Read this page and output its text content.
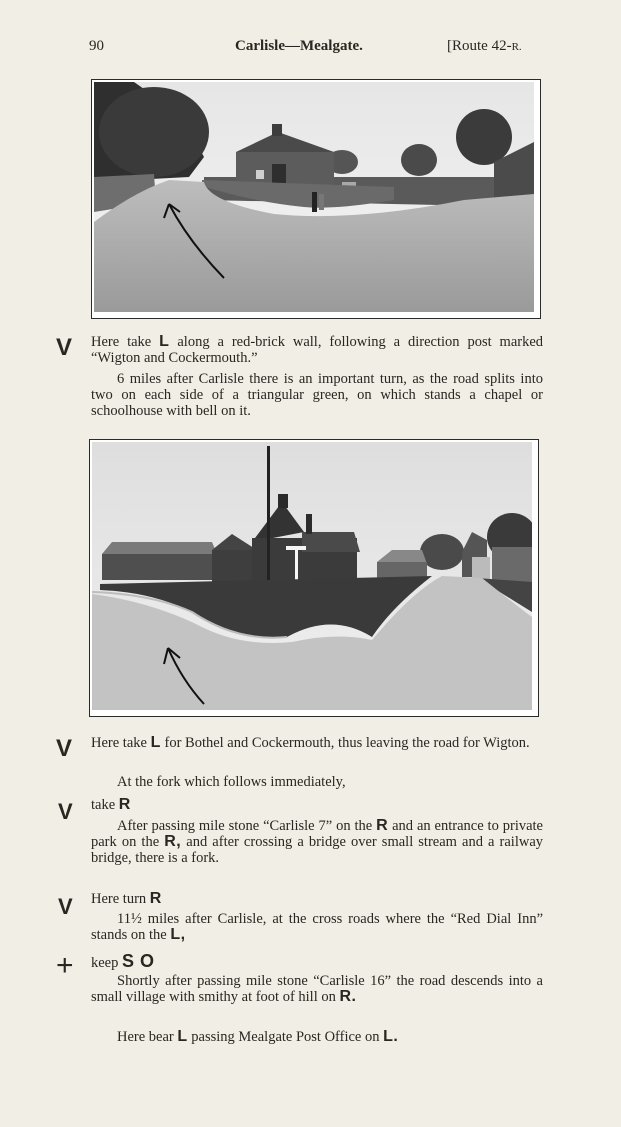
90	Carlisle—Mealgate.	[Route 42-R.
V Here take L along a red-brick wall, following a direction post marked “Wigton and Cockermouth.”

6 miles after Carlisle there is an important turn, as the road splits into two on each side of a triangular green, on which stands a chapel or schoolhouse with bell on it.

V Here take L for Bothel and Cockermouth, thus leaving the road for Wigton.

At the fork which follows immediately,

V take R

After passing mile stone “Carlisle 7” on the R and an entrance to private park on the R, and after crossing a bridge over small stream and a railway bridge, there is a fork.

V Here turn R

11½ miles after Carlisle, at the cross roads where the “Red Dial Inn” stands on the L,

+ keep S O

Shortly after passing mile stone “Carlisle 16” the road descends into a small village with smithy at foot of hill on R.

Here bear L passing Mealgate Post Office on L.
